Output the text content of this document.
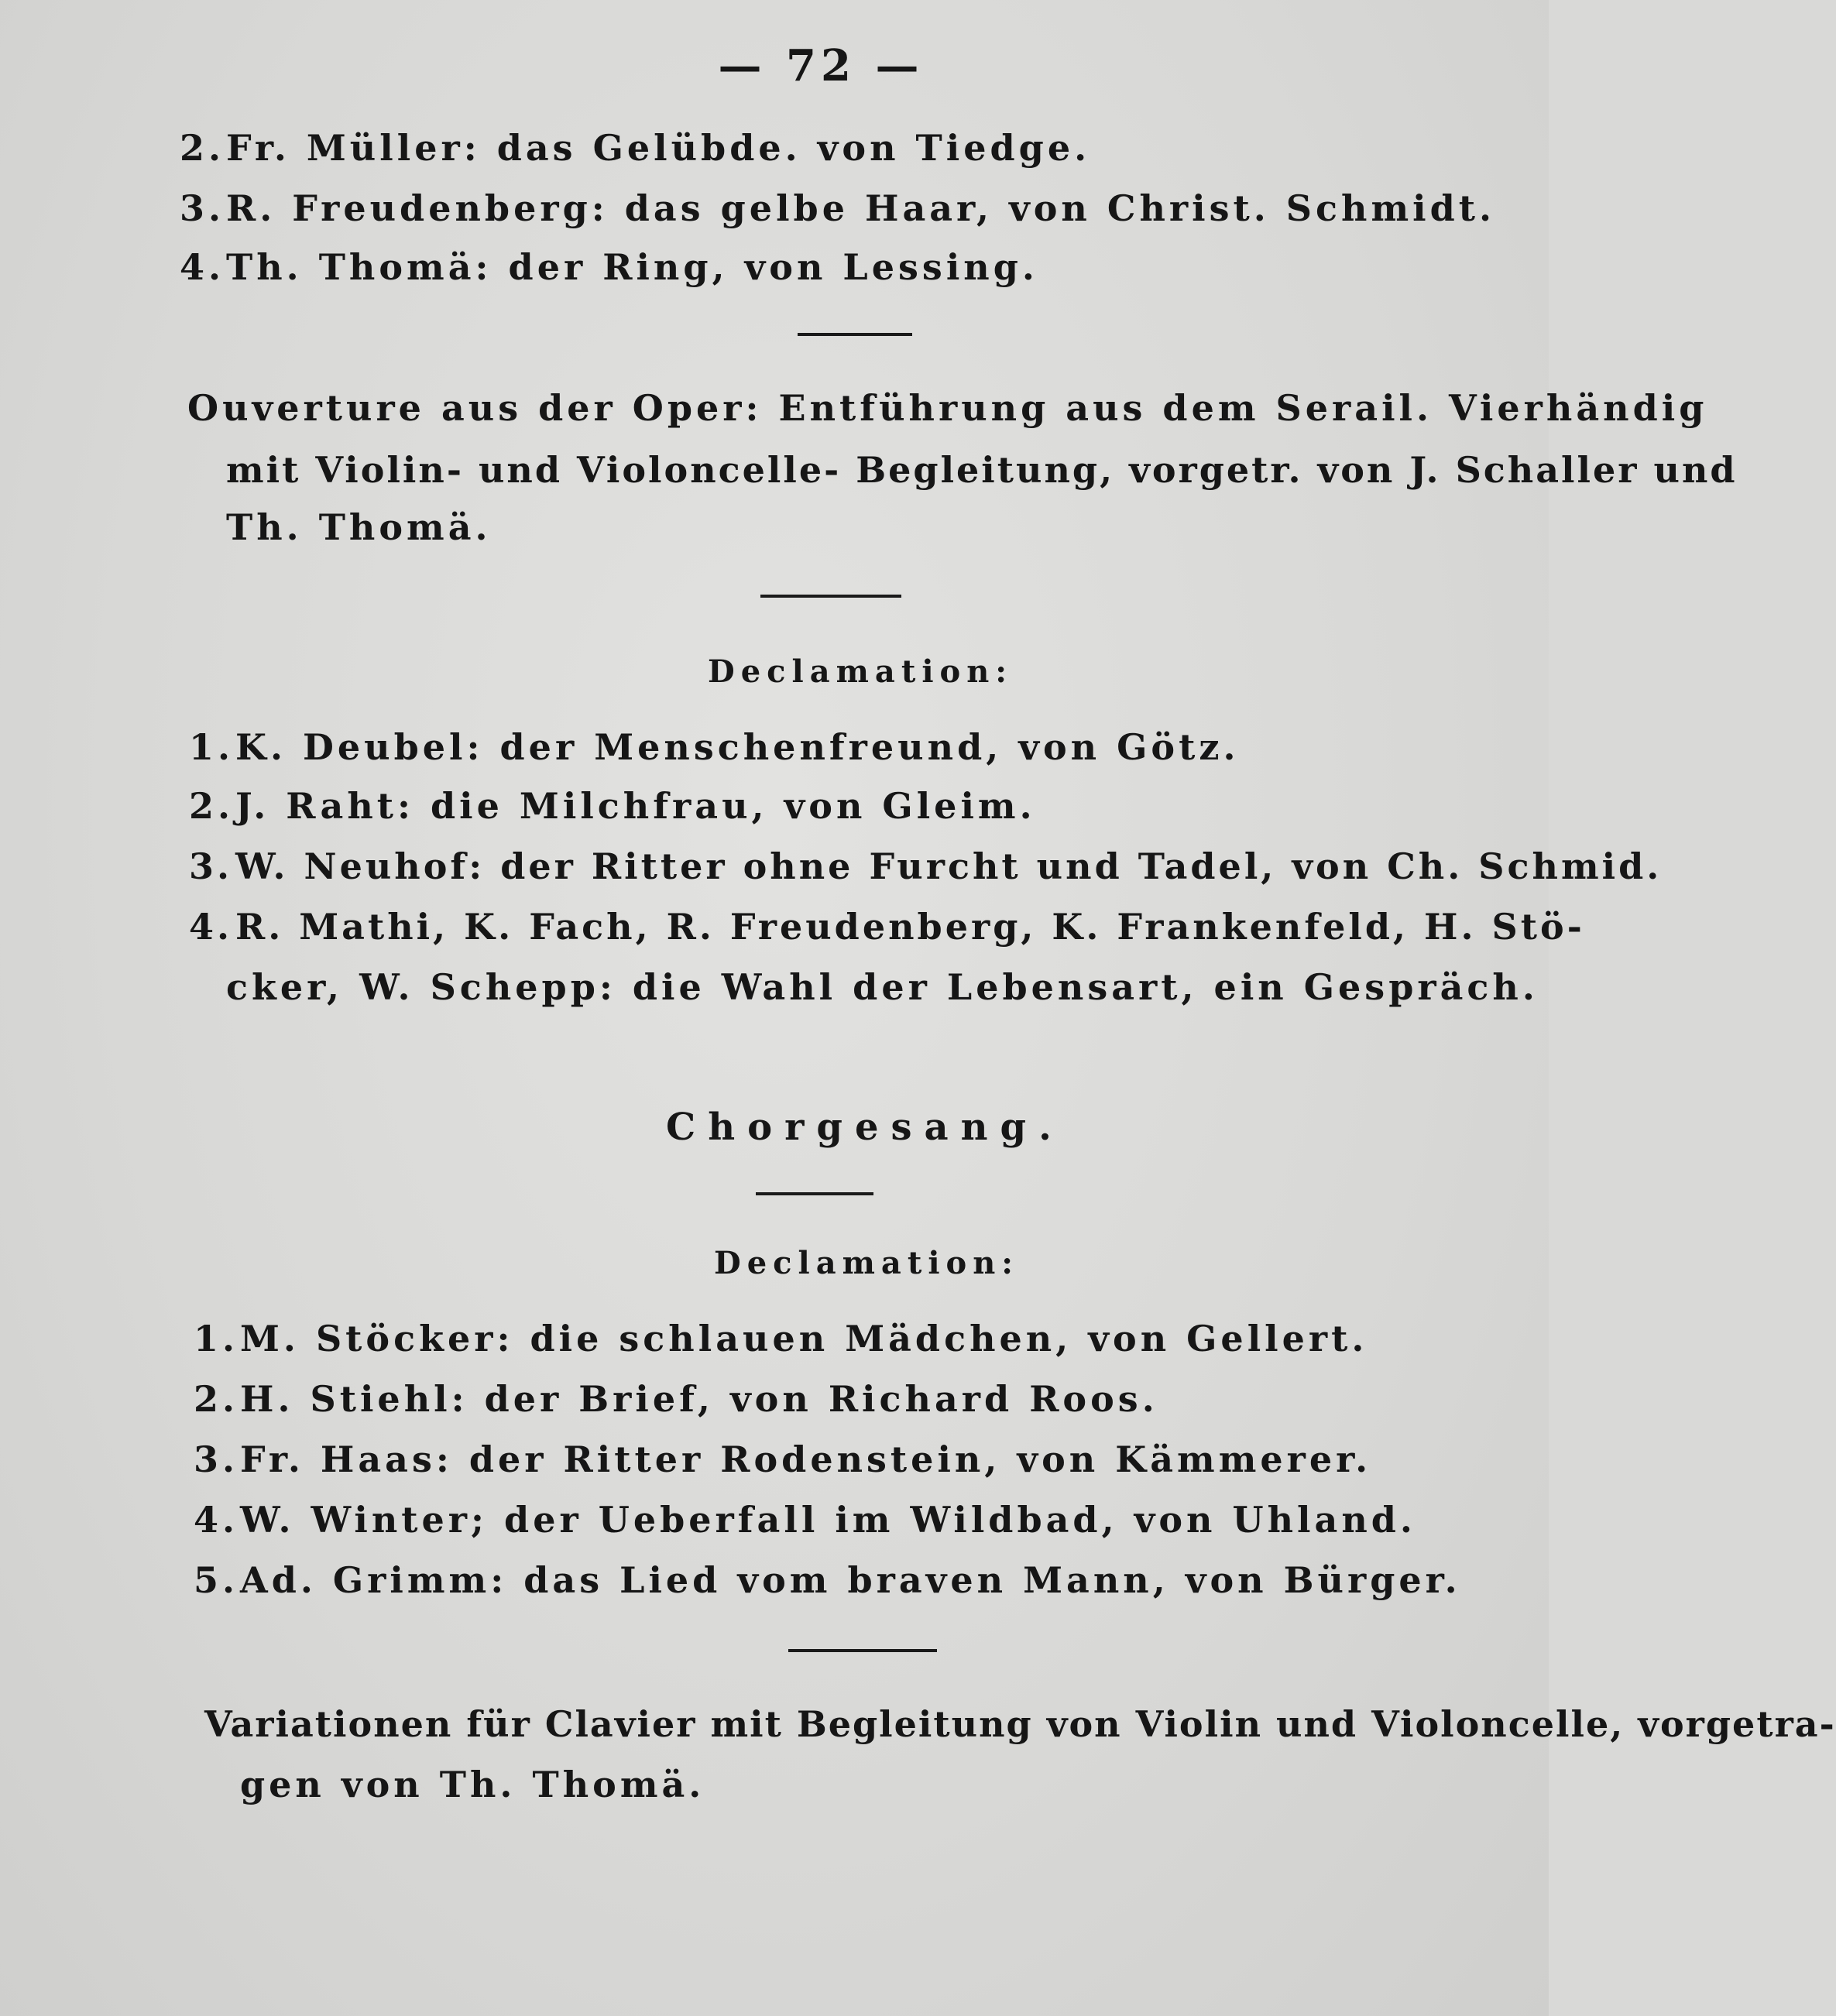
— 72 —
2.Fr. Müller: das Gelübde. von Tiedge.
3.R. Freudenberg: das gelbe Haar, von Christ. Schmidt.
4.Th. Thomä: der Ring, von Lessing.
Ouverture aus der Oper: Entführung aus dem Serail. Vierhändig
mit Violin- und Violoncelle- Begleitung, vorgetr. von J. Schaller und
Th. Thomä.
Declamation:
1.K. Deubel: der Menschenfreund, von Götz.
2.J. Raht: die Milchfrau, von Gleim.
3.W. Neuhof: der Ritter ohne Furcht und Tadel, von Ch. Schmid.
4.R. Mathi, K. Fach, R. Freudenberg, K. Frankenfeld, H. Stö-
cker, W. Schepp: die Wahl der Lebensart, ein Gespräch.
Chorgesang.
Declamation:
1.M. Stöcker: die schlauen Mädchen, von Gellert.
2.H. Stiehl: der Brief, von Richard Roos.
3.Fr. Haas: der Ritter Rodenstein, von Kämmerer.
4.W. Winter; der Ueberfall im Wildbad, von Uhland.
5.Ad. Grimm: das Lied vom braven Mann, von Bürger.
Variationen für Clavier mit Begleitung von Violin und Violoncelle, vorgetra-
gen von Th. Thomä.
